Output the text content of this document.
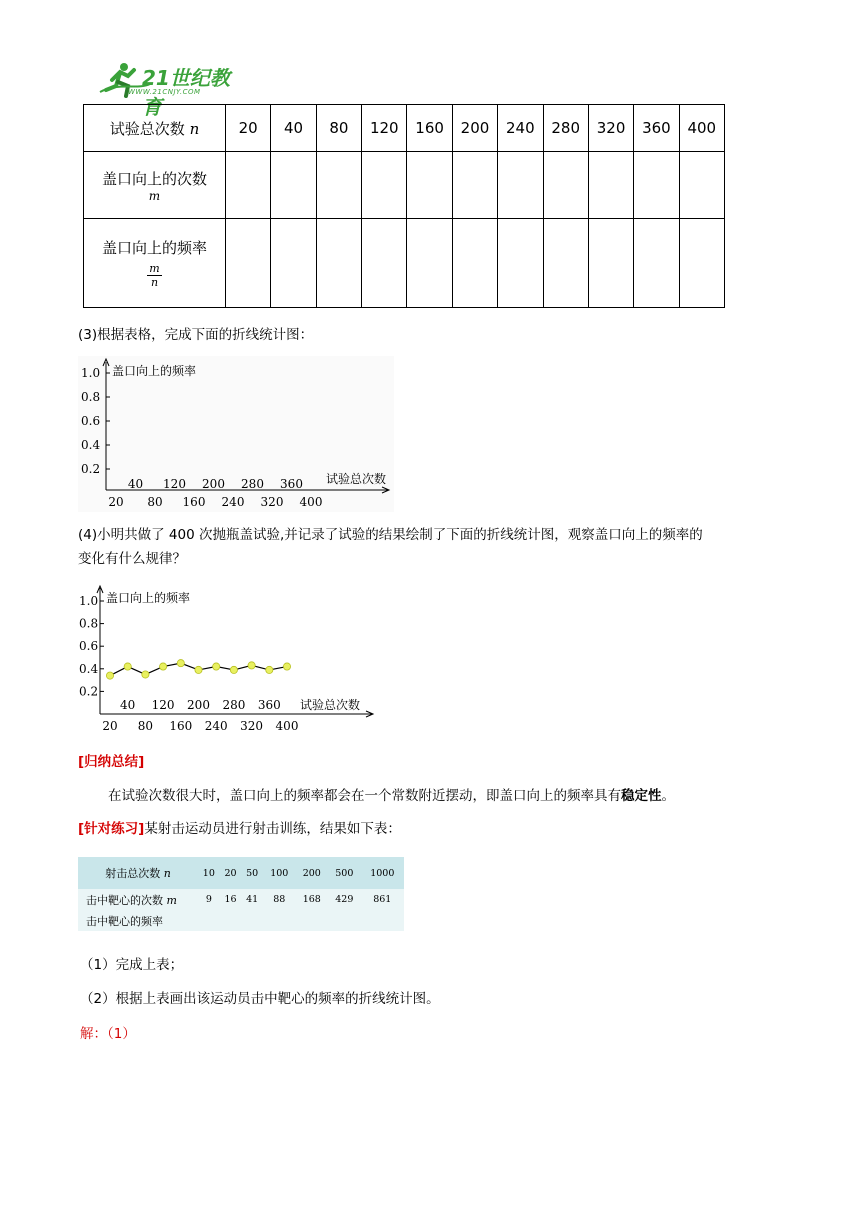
21世纪教育
WWW.21CNJY.COM
试验总次数 n	20	40	80	120	160	200	240	280	320	360	400

盖口向上的次数
m											

盖口向上的频率
$\frac{m}{n}$

(3)根据表格，完成下面的折线统计图：
盖口向上的频率
试验总次数
1.0
0.8
0.6
0.4
0.2
20 80 160 240 320 400
40 120 200 280 360
(4)小明共做了 400 次抛瓶盖试验,并记录了试验的结果绘制了下面的折线统计图，观察盖口向上的频率的
变化有什么规律？
盖口向上的频率
试验总次数
1.0
0.8
0.6
0.4
0.2
20
40
80
120
160
200
240
280
320
360
400
[归纳总结]
在试验次数很大时，盖口向上的频率都会在一个常数附近摆动，即盖口向上的频率具有稳定性。
[针对练习]某射击运动员进行射击训练，结果如下表：
射击总次数 n	10	20	50	100	200	500	1000
击中靶心的次数 m	9	16	41	88	168	429	861
击中靶心的频率							
（1）完成上表；
（2）根据上表画出该运动员击中靶心的频率的折线统计图。
解：（1）
